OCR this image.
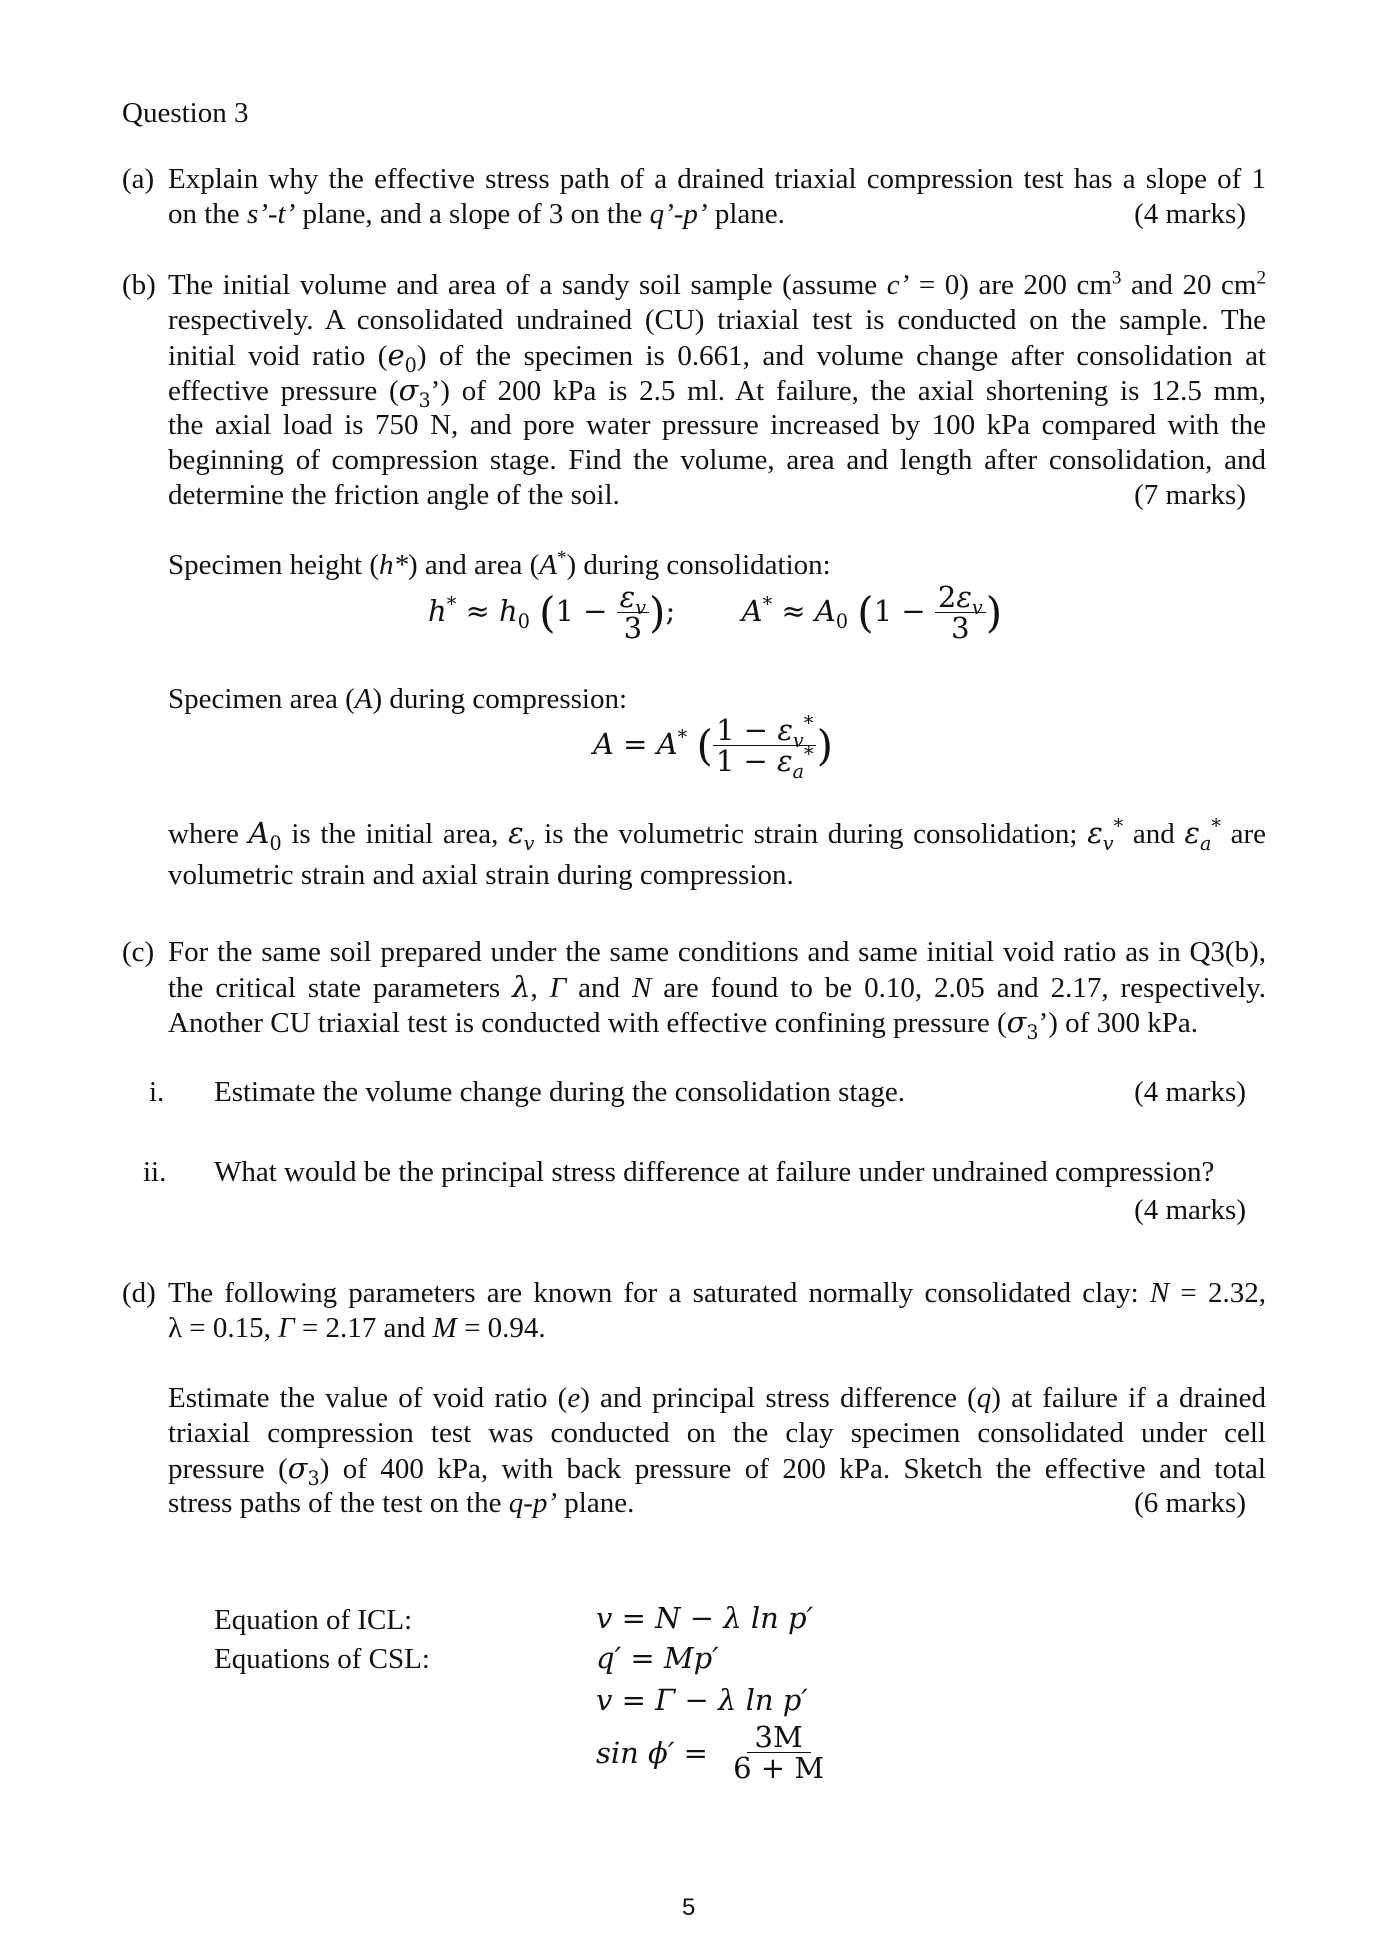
Question 3
(a) Explain why the effective stress path of a drained triaxial compression test has a slope of 1
on the s’-t’ plane, and a slope of 3 on the q’-p’ plane.	(4 marks)
(b) The initial volume and area of a sandy soil sample (assume c’ = 0) are 200 $cm^3$ and 20 $cm^2$
respectively. A consolidated undrained (CU) triaxial test is conducted on the sample. The
initial void ratio $(e_0)$ of the specimen is 0.661, and volume change after consolidation at
effective pressure $(\sigma_3’)$ of 200 kPa is 2.5 ml. At failure, the axial shortening is 12.5 mm,
the axial load is 750 N, and pore water pressure increased by 100 kPa compared with the
beginning of compression stage. Find the volume, area and length after consolidation, and
determine the friction angle of the soil.	(7 marks)
Specimen height (h*) and area (A*) during consolidation:
$h^* \approx h_0$ ($1 - \frac{\varepsilon_v}{3}$ ); $A^* \approx A_0$ ($1 - \frac{2\varepsilon_v}{3}$ )
Specimen area (A) during compression:
A = A* ( $\frac{1 - \varepsilon_v^*}{1 - \varepsilon_a^*}$ )
where $A_0$ is the initial area, $\varepsilon_v$ is the volumetric strain during consolidation; $\varepsilon_v^*$ and $\varepsilon_a^*$ are
volumetric strain and axial strain during compression.
(c) For the same soil prepared under the same conditions and same initial void ratio as in Q3(b),
the critical state parameters λ, Γ and N are found to be 0.10, 2.05 and 2.17, respectively.
Another CU triaxial test is conducted with effective confining pressure $(\sigma_3’)$ of 300 kPa.
i. Estimate the volume change during the consolidation stage.	(4 marks)
ii. What would be the principal stress difference at failure under undrained compression?
(4 marks)
(d) The following parameters are known for a saturated normally consolidated clay: N = 2.32,
λ = 0.15, Γ = 2.17 and M = 0.94.
Estimate the value of void ratio (e) and principal stress difference (q) at failure if a drained
triaxial compression test was conducted on the clay specimen consolidated under cell
pressure $(\sigma_3)$ of 400 kPa, with back pressure of 200 kPa. Sketch the effective and total
stress paths of the test on the q-p’ plane.	(6 marks)
Equation of ICL:
Equations of CSL:
v = N − λ ln p′
q′ = Mp′
v = Γ − λ ln p′
$\sin \phi' = \frac{3M}{6 + M}$
5
